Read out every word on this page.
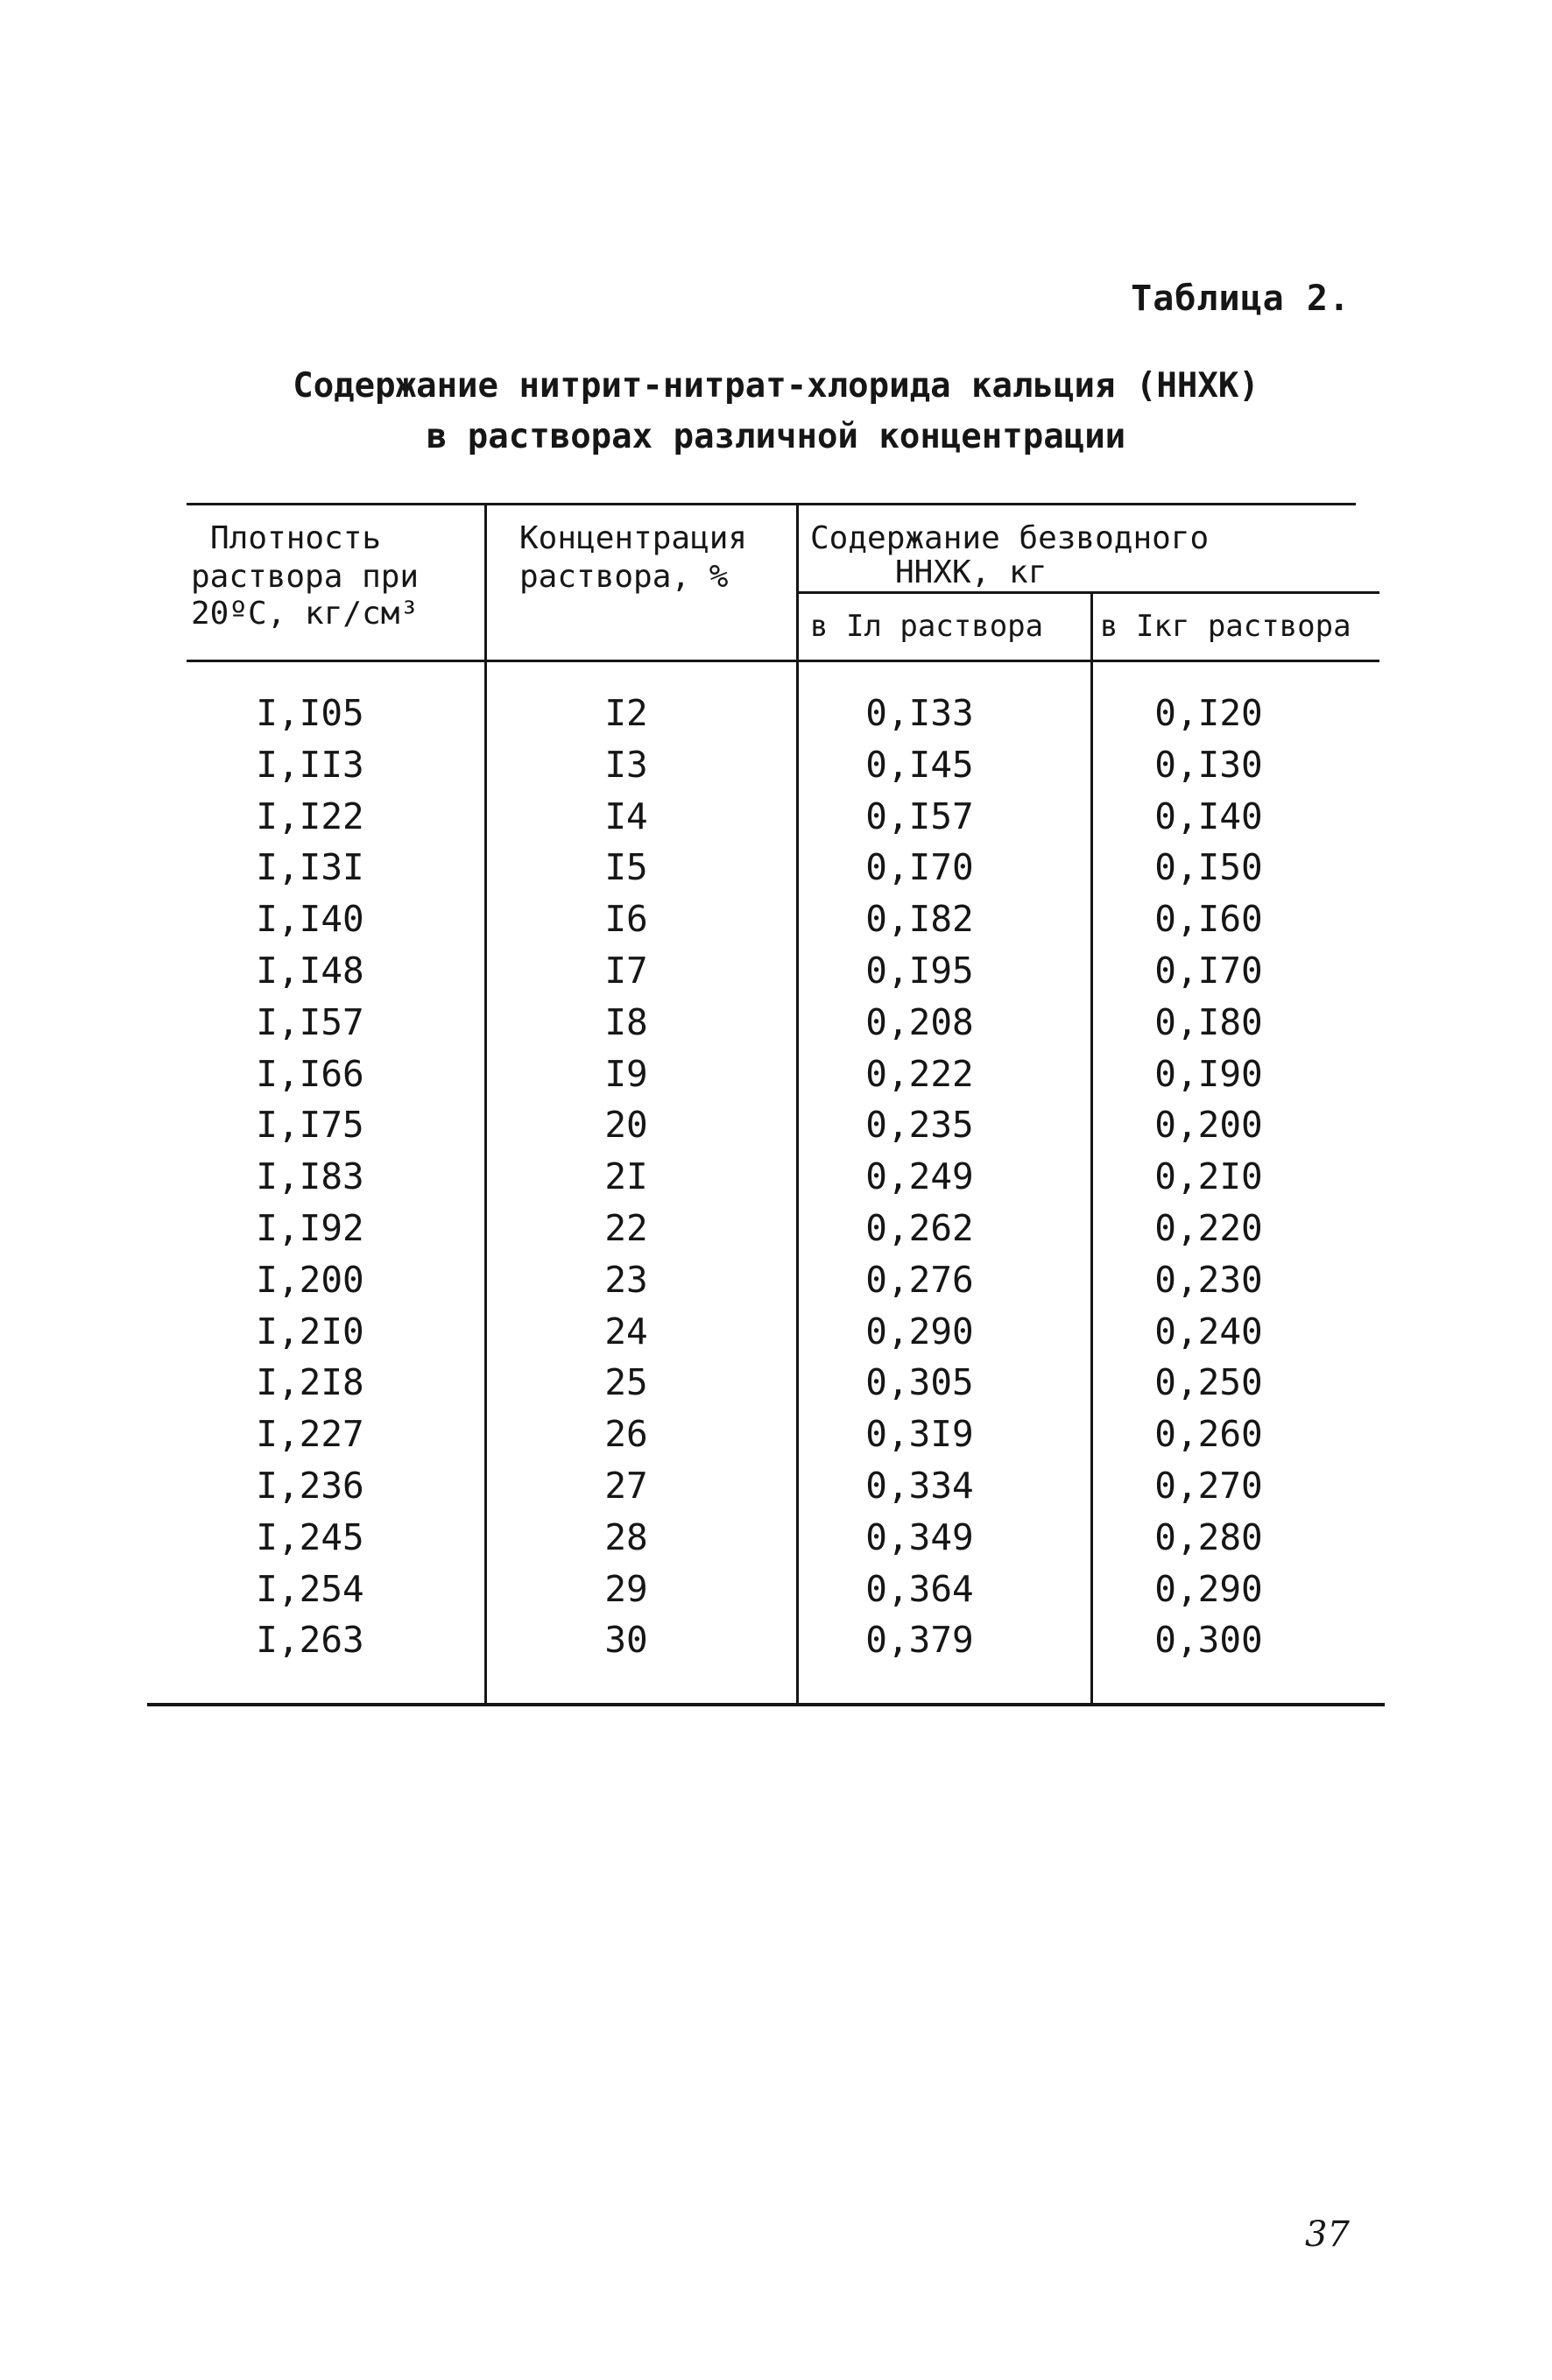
Таблица 2.
Содержание нитрит-нитрат-хлорида кальция (ННХК)
в растворах различной концентрации
Плотность
раствора при
20ºС, кг/см³
Концентрация
раствора, %
Содержание безводного
ННХК, кг
в Iл раствора в Iкг раствора
I,I05
I,II3
I,I22
I,I3I
I,I40
I,I48
I,I57
I,I66
I,I75
I,I83
I,I92
I,200
I,2I0
I,2I8
I,227
I,236
I,245
I,254
I,263
I2
I3
I4
I5
I6
I7
I8
I9
20
2I
22
23
24
25
26
27
28
29
30
0,I33
0,I45
0,I57
0,I70
0,I82
0,I95
0,208
0,222
0,235
0,249
0,262
0,276
0,290
0,305
0,3I9
0,334
0,349
0,364
0,379
0,I20
0,I30
0,I40
0,I50
0,I60
0,I70
0,I80
0,I90
0,200
0,2I0
0,220
0,230
0,240
0,250
0,260
0,270
0,280
0,290
0,300
37
